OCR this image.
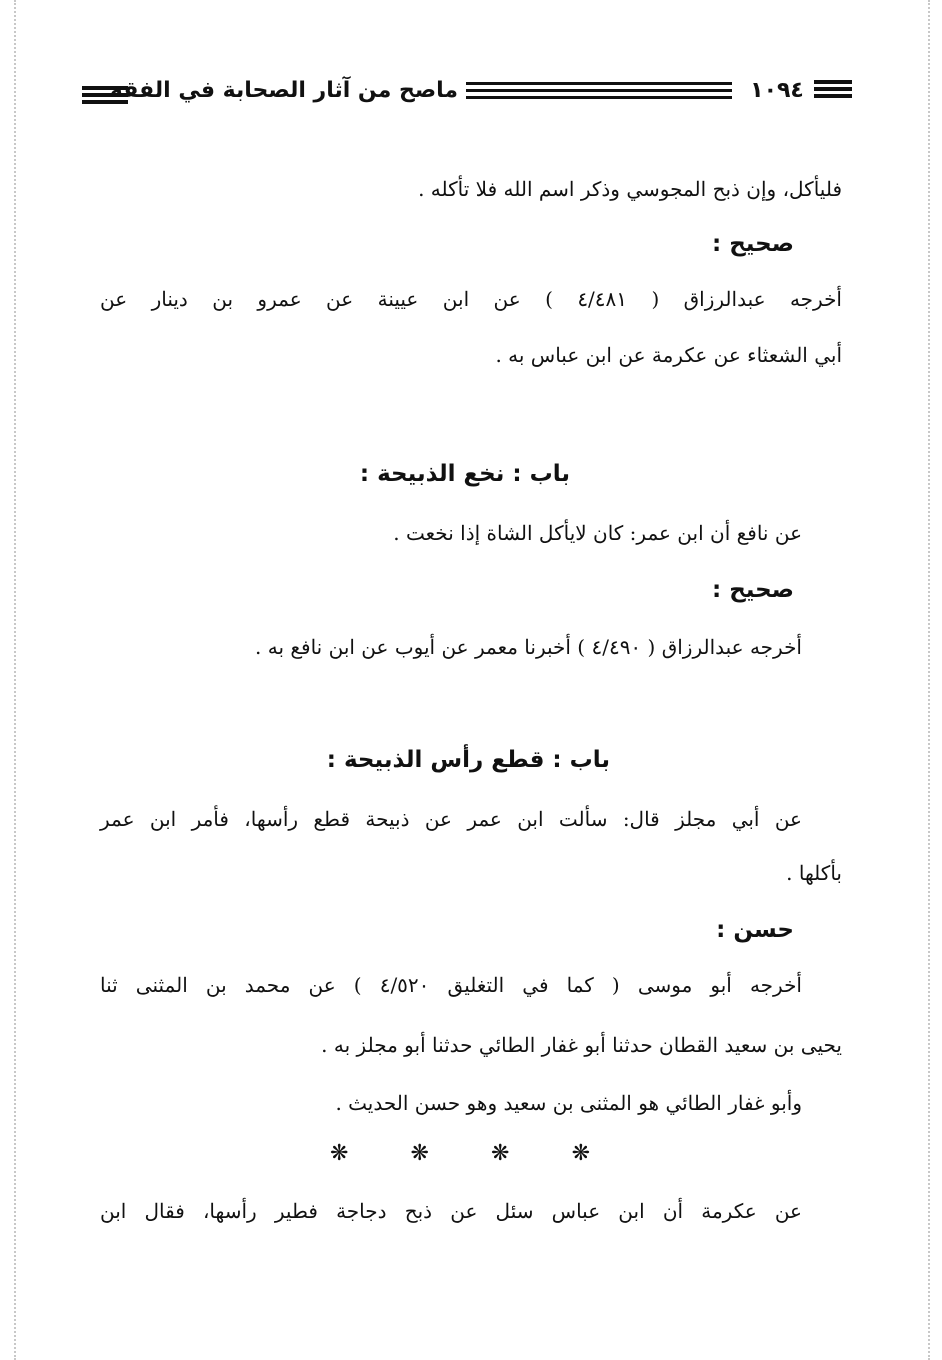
ماصح من آثار الصحابة في الفقه	١٠٩٤
فليأكل، وإن ذبح المجوسي وذكر اسم الله فلا تأكله .
صحيح :
أخرجه عبدالرزاق ( ٤/٤٨١ ) عن ابن عيينة عن عمرو بن دينار عن
أبي الشعثاء عن عكرمة عن ابن عباس به .
باب : نخع الذبيحة :
عن نافع أن ابن عمر: كان لايأكل الشاة إذا نخعت .
صحيح :
أخرجه عبدالرزاق ( ٤/٤٩٠ ) أخبرنا معمر عن أيوب عن ابن نافع به .
باب : قطع رأس الذبيحة :
عن أبي مجلز قال: سألت ابن عمر عن ذبيحة قطع رأسها، فأمر ابن عمر
بأكلها .
حسن :
أخرجه أبو موسى ( كما في التغليق ٤/٥٢٠ ) عن محمد بن المثنى ثنا
يحيى بن سعيد القطان حدثنا أبو غفار الطائي حدثنا أبو مجلز به .
وأبو غفار الطائي هو المثنى بن سعيد وهو حسن الحديث .
❋
❋
❋
❋
عن عكرمة أن ابن عباس سئل عن ذبح دجاجة فطير رأسها، فقال ابن
